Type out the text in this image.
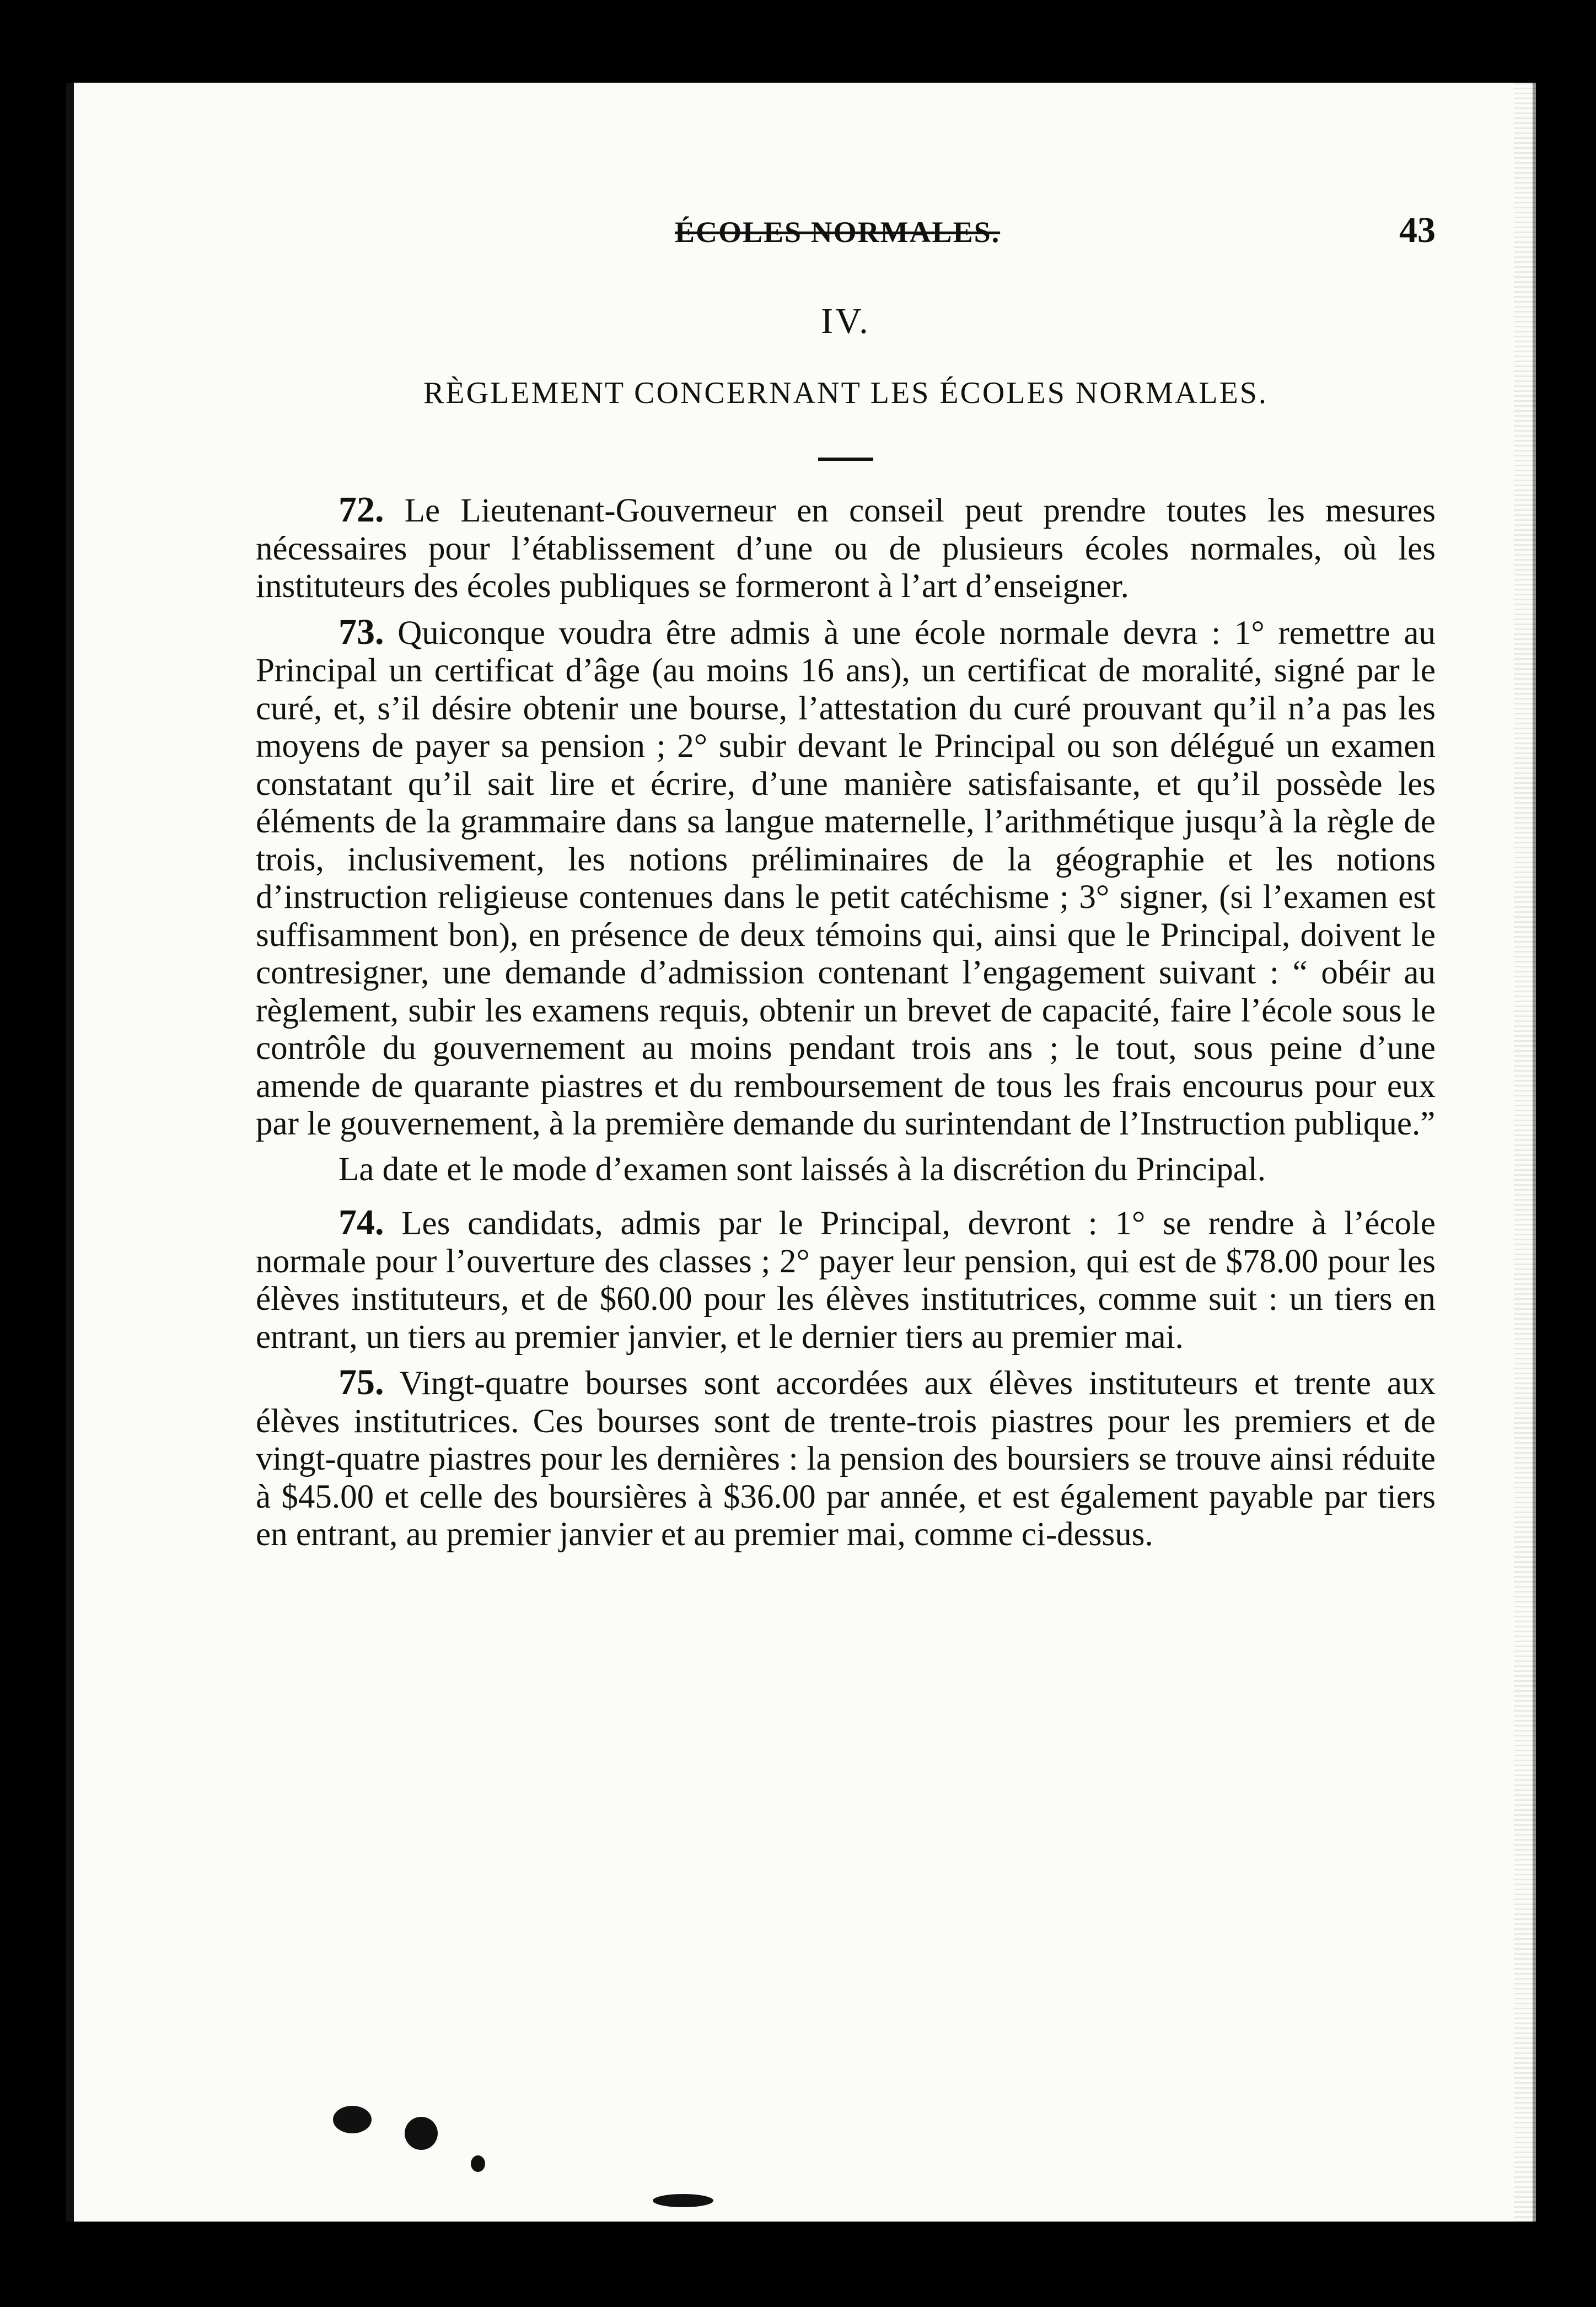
ÉCOLES NORMALES.	43
IV.
RÈGLEMENT CONCERNANT LES ÉCOLES NORMALES.

72. Le Lieutenant-Gouverneur en conseil peut prendre toutes les mesures nécessaires pour l’établissement d’une ou de plusieurs écoles normales, où les instituteurs des écoles publiques se formeront à l’art d’enseigner.

73. Quiconque voudra être admis à une école normale devra : 1° remettre au Principal un certificat d’âge (au moins 16 ans), un certificat de moralité, signé par le curé, et, s’il désire obtenir une bourse, l’attestation du curé prouvant qu’il n’a pas les moyens de payer sa pension ; 2° subir devant le Principal ou son délégué un examen constatant qu’il sait lire et écrire, d’une manière satisfaisante, et qu’il possède les éléments de la grammaire dans sa langue maternelle, l’arithmétique jusqu’à la règle de trois, inclusivement, les notions préliminaires de la géographie et les notions d’instruction religieuse contenues dans le petit catéchisme ; 3° signer, (si l’examen est suffisamment bon), en présence de deux témoins qui, ainsi que le Principal, doivent le contresigner, une demande d’admission contenant l’engagement suivant : “ obéir au règlement, subir les examens requis, obtenir un brevet de capacité, faire l’école sous le contrôle du gouvernement au moins pendant trois ans ; le tout, sous peine d’une amende de quarante piastres et du remboursement de tous les frais encourus pour eux par le gouvernement, à la première demande du surintendant de l’Instruction publique.”

La date et le mode d’examen sont laissés à la discrétion du Principal.

74. Les candidats, admis par le Principal, devront : 1° se rendre à l’école normale pour l’ouverture des classes ; 2° payer leur pension, qui est de $78.00 pour les élèves instituteurs, et de $60.00 pour les élèves institutrices, comme suit : un tiers en entrant, un tiers au premier janvier, et le dernier tiers au premier mai.

75. Vingt-quatre bourses sont accordées aux élèves instituteurs et trente aux élèves institutrices. Ces bourses sont de trente-trois piastres pour les premiers et de vingt-quatre piastres pour les dernières : la pension des boursiers se trouve ainsi réduite à $45.00 et celle des boursières à $36.00 par année, et est également payable par tiers en entrant, au premier janvier et au premier mai, comme ci-dessus.
